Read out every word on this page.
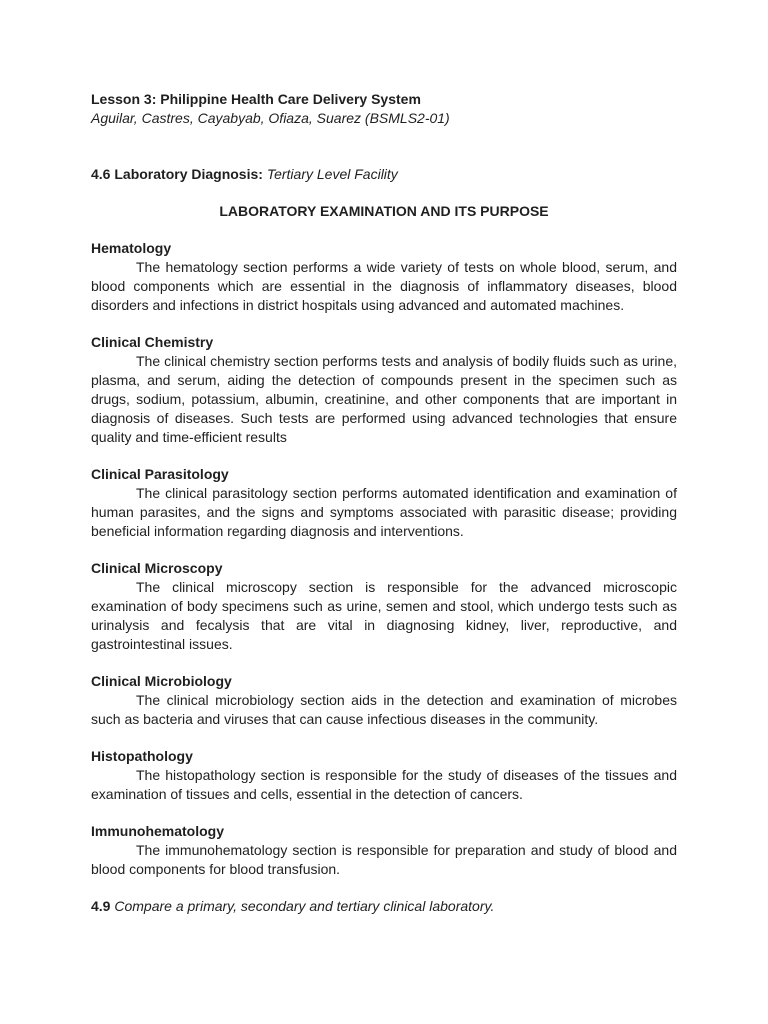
Lesson 3: Philippine Health Care Delivery System
Aguilar, Castres, Cayabyab, Ofiaza, Suarez (BSMLS2-01)
4.6 Laboratory Diagnosis: Tertiary Level Facility
LABORATORY EXAMINATION AND ITS PURPOSE
Hematology
The hematology section performs a wide variety of tests on whole blood, serum, and blood components which are essential in the diagnosis of inflammatory diseases, blood disorders and infections in district hospitals using advanced and automated machines.
Clinical Chemistry
The clinical chemistry section performs tests and analysis of bodily fluids such as urine, plasma, and serum, aiding the detection of compounds present in the specimen such as drugs, sodium, potassium, albumin, creatinine, and other components that are important in diagnosis of diseases. Such tests are performed using advanced technologies that ensure quality and time-efficient results
Clinical Parasitology
The clinical parasitology section performs automated identification and examination of human parasites, and the signs and symptoms associated with parasitic disease; providing beneficial information regarding diagnosis and interventions.
Clinical Microscopy
The clinical microscopy section is responsible for the advanced microscopic examination of body specimens such as urine, semen and stool, which undergo tests such as urinalysis and fecalysis that are vital in diagnosing kidney, liver, reproductive, and gastrointestinal issues.
Clinical Microbiology
The clinical microbiology section aids in the detection and examination of microbes such as bacteria and viruses that can cause infectious diseases in the community.
Histopathology
The histopathology section is responsible for the study of diseases of the tissues and examination of tissues and cells, essential in the detection of cancers.
Immunohematology
The immunohematology section is responsible for preparation and study of blood and blood components for blood transfusion.
4.9 Compare a primary, secondary and tertiary clinical laboratory.
